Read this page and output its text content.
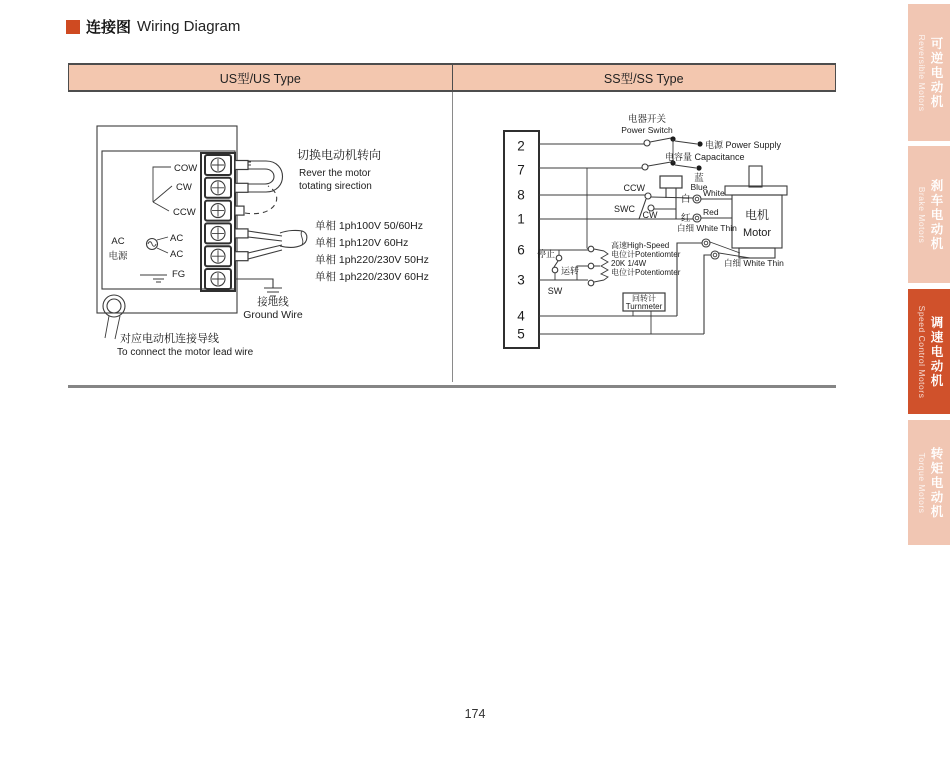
连接图 Wiring Diagram
US型/US Type	SS型/SS Type
COW
CW
CCW
AC
AC
AC
电源
FG
接地线
Ground Wire
单相 1ph100V 50/60Hz
单相 1ph120V 60Hz
单相 1ph220/230V 50Hz
单相 1ph220/230V 60Hz
切换电动机转向
Rever the motor
totating sirection
对应电动机连接导线
To connect the motor lead wire
2
7
8
1
6
3
4
5
电器开关
Power Switch
电源 Power Supply
蓝
Blue
电容量 Capacitance
CCW
SWC
CW
白
White
红
Red
白细 White Thin
白细 White Thin
电机
Motor
停止
运转
SW
高速High-Speed
电位计Potentiomter
20K 1/4W
电位计Potentiomter
回转计
Turnmeter
可逆电动机
Reversible Motors
刹车电动机
Brake Motors
调速电动机
Speed Control Motors
转矩电动机
Torque Motors
174
